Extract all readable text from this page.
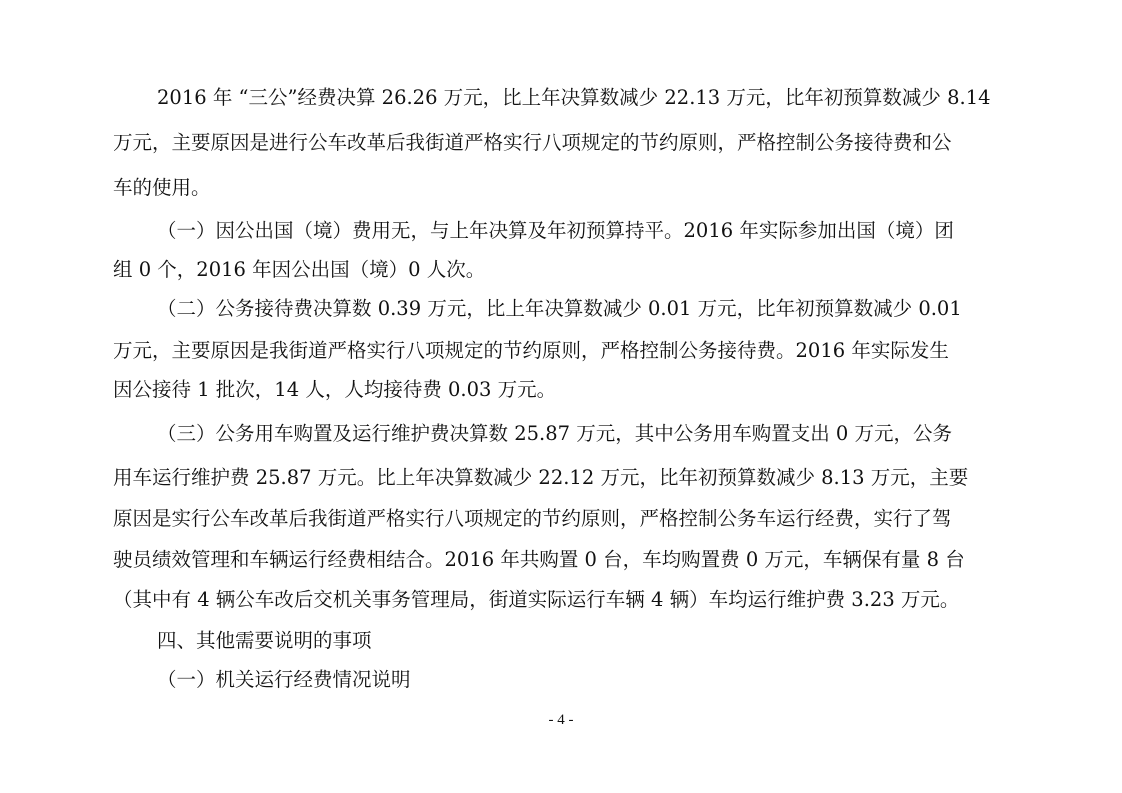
2016 年 “三公”经费决算 26.26 万元，比上年决算数减少 22.13 万元，比年初预算数减少 8.14
万元，主要原因是进行公车改革后我街道严格实行八项规定的节约原则，严格控制公务接待费和公
车的使用。
（一）因公出国（境）费用无，与上年决算及年初预算持平。2016 年实际参加出国（境）团
组 0 个，2016 年因公出国（境）0 人次。
（二）公务接待费决算数 0.39 万元，比上年决算数减少 0.01 万元，比年初预算数减少 0.01
万元，主要原因是我街道严格实行八项规定的节约原则，严格控制公务接待费。2016 年实际发生
因公接待 1 批次，14 人，人均接待费 0.03 万元。
（三）公务用车购置及运行维护费决算数 25.87 万元，其中公务用车购置支出 0 万元，公务
用车运行维护费 25.87 万元。比上年决算数减少 22.12 万元，比年初预算数减少 8.13 万元，主要
原因是实行公车改革后我街道严格实行八项规定的节约原则，严格控制公务车运行经费，实行了驾
驶员绩效管理和车辆运行经费相结合。2016 年共购置 0 台，车均购置费 0 万元，车辆保有量 8 台
（其中有 4 辆公车改后交机关事务管理局，街道实际运行车辆 4 辆）车均运行维护费 3.23 万元。
四、其他需要说明的事项
（一）机关运行经费情况说明
- 4 -
